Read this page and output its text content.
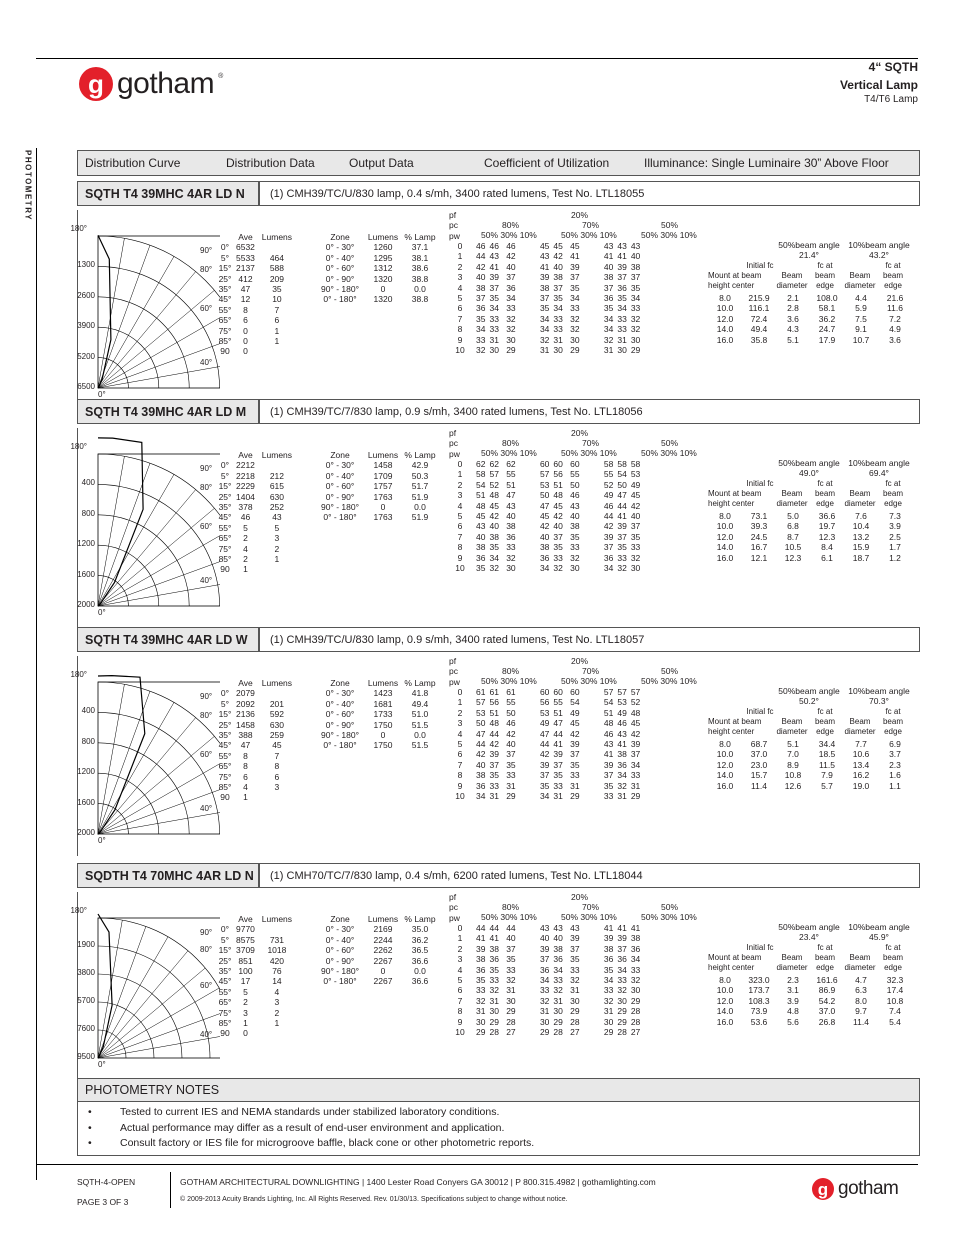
g gotham ®
4“ SQTH
Vertical Lamp
T4/T6 Lamp
PHOTOMETRY	Distribution Curve	Distribution Data	Output Data	Coefficient of Utilization	Illuminance: Single Luminaire 30” Above Floor
SQTH T4 39MHC 4AR LD N	(1) CMH39/TC/U/830 lamp, 0.4 s/mh, 3400 rated lumens, Test No. LTL18055
180°
1300
2600
3900
5200
6500
0°
90°
80°
60°
40°
	Ave	Lumens
0°	6532	
5°	5533	464
15°	2137	588
25°	412	209
35°	47	35
45°	12	10
55°	8	7
65°	6	6
75°	0	1
85°	0	1
90	0	
Zone	Lumens	% Lamp
0° - 30°	1260	37.1
0° - 40°	1295	38.1
0° - 60°	1312	38.6
0° - 90°	1320	38.8
90° - 180°	0	0.0
0° - 180°	1320	38.8
pf
pc
pw
20%
80%	70%	50%
50% 30% 10%	50% 30% 10%	50% 30% 10%
0	46	46	46	45	45	45	43	43	43
1	44	43	42	43	42	41	41	41	40
2	42	41	40	41	40	39	40	39	38
3	40	39	37	39	38	37	38	37	37
4	38	37	36	38	37	35	37	36	35
5	37	35	34	37	35	34	36	35	34
6	36	34	33	35	34	33	35	34	33
7	35	33	32	34	33	32	34	33	32
8	34	33	32	34	33	32	34	33	32
9	33	31	30	32	31	30	32	31	30
10	32	30	29	31	30	29	31	30	29
50%beam angle
21.4°
10%beam angle
43.2°
Initial fc
Mount at beam
height center
Beam
diameter
fc at
beam
edge
Beam
diameter
fc at
beam
edge
8.0	215.9	2.1	108.0	4.4	21.6
10.0	116.1	2.8	58.1	5.9	11.6
12.0	72.4	3.6	36.2	7.5	7.2
14.0	49.4	4.3	24.7	9.1	4.9
16.0	35.8	5.1	17.9	10.7	3.6
SQTH T4 39MHC 4AR LD M	(1) CMH39/TC/7/830 lamp, 0.9 s/mh, 3400 rated lumens, Test No. LTL18056
180°
400
800
1200
1600
2000
0°
90°
80°
60°
40°
	Ave	Lumens
0°	2212	
5°	2218	212
15°	2229	615
25°	1404	630
35°	378	252
45°	46	43
55°	5	5
65°	2	3
75°	4	2
85°	2	1
90	1	
Zone	Lumens	% Lamp
0° - 30°	1458	42.9
0° - 40°	1709	50.3
0° - 60°	1757	51.7
0° - 90°	1763	51.9
90° - 180°	0	0.0
0° - 180°	1763	51.9
pf
pc
pw
20%
80%	70%	50%
50% 30% 10%	50% 30% 10%	50% 30% 10%
0	62	62	62	60	60	60	58	58	58
1	58	57	55	57	56	55	55	54	53
2	54	52	51	53	51	50	52	50	49
3	51	48	47	50	48	46	49	47	45
4	48	45	43	47	45	43	46	44	42
5	45	42	40	45	42	40	44	41	40
6	43	40	38	42	40	38	42	39	37
7	40	38	36	40	37	35	39	37	35
8	38	35	33	38	35	33	37	35	33
9	36	34	32	36	33	32	36	33	32
10	35	32	30	34	32	30	34	32	30
50%beam angle
49.0°
10%beam angle
69.4°
Initial fc
Mount at beam
height center
Beam
diameter
fc at
beam
edge
Beam
diameter
fc at
beam
edge
8.0	73.1	5.0	36.6	7.6	7.3
10.0	39.3	6.8	19.7	10.4	3.9
12.0	24.5	8.7	12.3	13.2	2.5
14.0	16.7	10.5	8.4	15.9	1.7
16.0	12.1	12.3	6.1	18.7	1.2
SQTH T4 39MHC 4AR LD W	(1) CMH39/TC/U/830 lamp, 0.9 s/mh, 3400 rated lumens, Test No. LTL18057
180°
400
800
1200
1600
2000
0°
90°
80°
60°
40°
	Ave	Lumens
0°	2079	
5°	2092	201
15°	2136	592
25°	1458	630
35°	388	259
45°	47	45
55°	8	7
65°	8	8
75°	6	6
85°	4	3
90	1	
Zone	Lumens	% Lamp
0° - 30°	1423	41.8
0° - 40°	1681	49.4
0° - 60°	1733	51.0
0° - 90°	1750	51.5
90° - 180°	0	0.0
0° - 180°	1750	51.5
pf
pc
pw
20%
80%	70%	50%
50% 30% 10%	50% 30% 10%	50% 30% 10%
0	61	61	61	60	60	60	57	57	57
1	57	56	55	56	55	54	54	53	52
2	53	51	50	53	51	49	51	49	48
3	50	48	46	49	47	45	48	46	45
4	47	44	42	47	44	42	46	43	42
5	44	42	40	44	41	39	43	41	39
6	42	39	37	42	39	37	41	38	37
7	40	37	35	39	37	35	39	36	34
8	38	35	33	37	35	33	37	34	33
9	36	33	31	35	33	31	35	32	31
10	34	31	29	34	31	29	33	31	29
50%beam angle
50.2°
10%beam angle
70.3°
Initial fc
Mount at beam
height center
Beam
diameter
fc at
beam
edge
Beam
diameter
fc at
beam
edge
8.0	68.7	5.1	34.4	7.7	6.9
10.0	37.0	7.0	18.5	10.6	3.7
12.0	23.0	8.9	11.5	13.4	2.3
14.0	15.7	10.8	7.9	16.2	1.6
16.0	11.4	12.6	5.7	19.0	1.1
SQDTH T4 70MHC 4AR LD N	(1) CMH70/TC/7/830 lamp, 0.4 s/mh, 6200 rated lumens, Test No. LTL18044
180°
1900
3800
5700
7600
9500
0°
90°
80°
60°
40°
	Ave	Lumens
0°	9770	
5°	8575	731
15°	3709	1018
25°	851	420
35°	100	76
45°	17	14
55°	5	4
65°	2	3
75°	3	2
85°	1	1
90	0	
Zone	Lumens	% Lamp
0° - 30°	2169	35.0
0° - 40°	2244	36.2
0° - 60°	2262	36.5
0° - 90°	2267	36.6
90° - 180°	0	0.0
0° - 180°	2267	36.6
pf
pc
pw
20%
80%	70%	50%
50% 30% 10%	50% 30% 10%	50% 30% 10%
0	44	44	44	43	43	43	41	41	41
1	41	41	40	40	40	39	39	39	38
2	39	38	37	39	38	37	38	37	36
3	38	36	35	37	36	35	36	36	34
4	36	35	33	36	34	33	35	34	33
5	35	33	32	34	33	32	34	33	32
6	33	32	31	33	32	31	33	32	30
7	32	31	30	32	31	30	32	30	29
8	31	30	29	31	30	29	31	29	28
9	30	29	28	30	29	28	30	29	28
10	29	28	27	29	28	27	29	28	27
50%beam angle
23.4°
10%beam angle
45.9°
Initial fc
Mount at beam
height center
Beam
diameter
fc at
beam
edge
Beam
diameter
fc at
beam
edge
8.0	323.0	2.3	161.6	4.7	32.3
10.0	173.7	3.1	86.9	6.3	17.4
12.0	108.3	3.9	54.2	8.0	10.8
14.0	73.9	4.8	37.0	9.7	7.4
16.0	53.6	5.6	26.8	11.4	5.4
PHOTOMETRY NOTES
• Tested to current IES and NEMA standards under stabilized laboratory conditions.
• Actual performance may differ as a result of end-user environment and application.
• Consult factory or IES file for microgroove baffle, black cone or other photometric reports.
SQTH-4-OPEN
PAGE 3 OF 3
GOTHAM ARCHITECTURAL DOWNLIGHTING | 1400 Lester Road Conyers GA 30012 | P 800.315.4982 | gothamlighting.com
© 2009-2013 Acuity Brands Lighting, Inc. All Rights Reserved. Rev. 01/30/13. Specifications subject to change without notice.
g gotham
